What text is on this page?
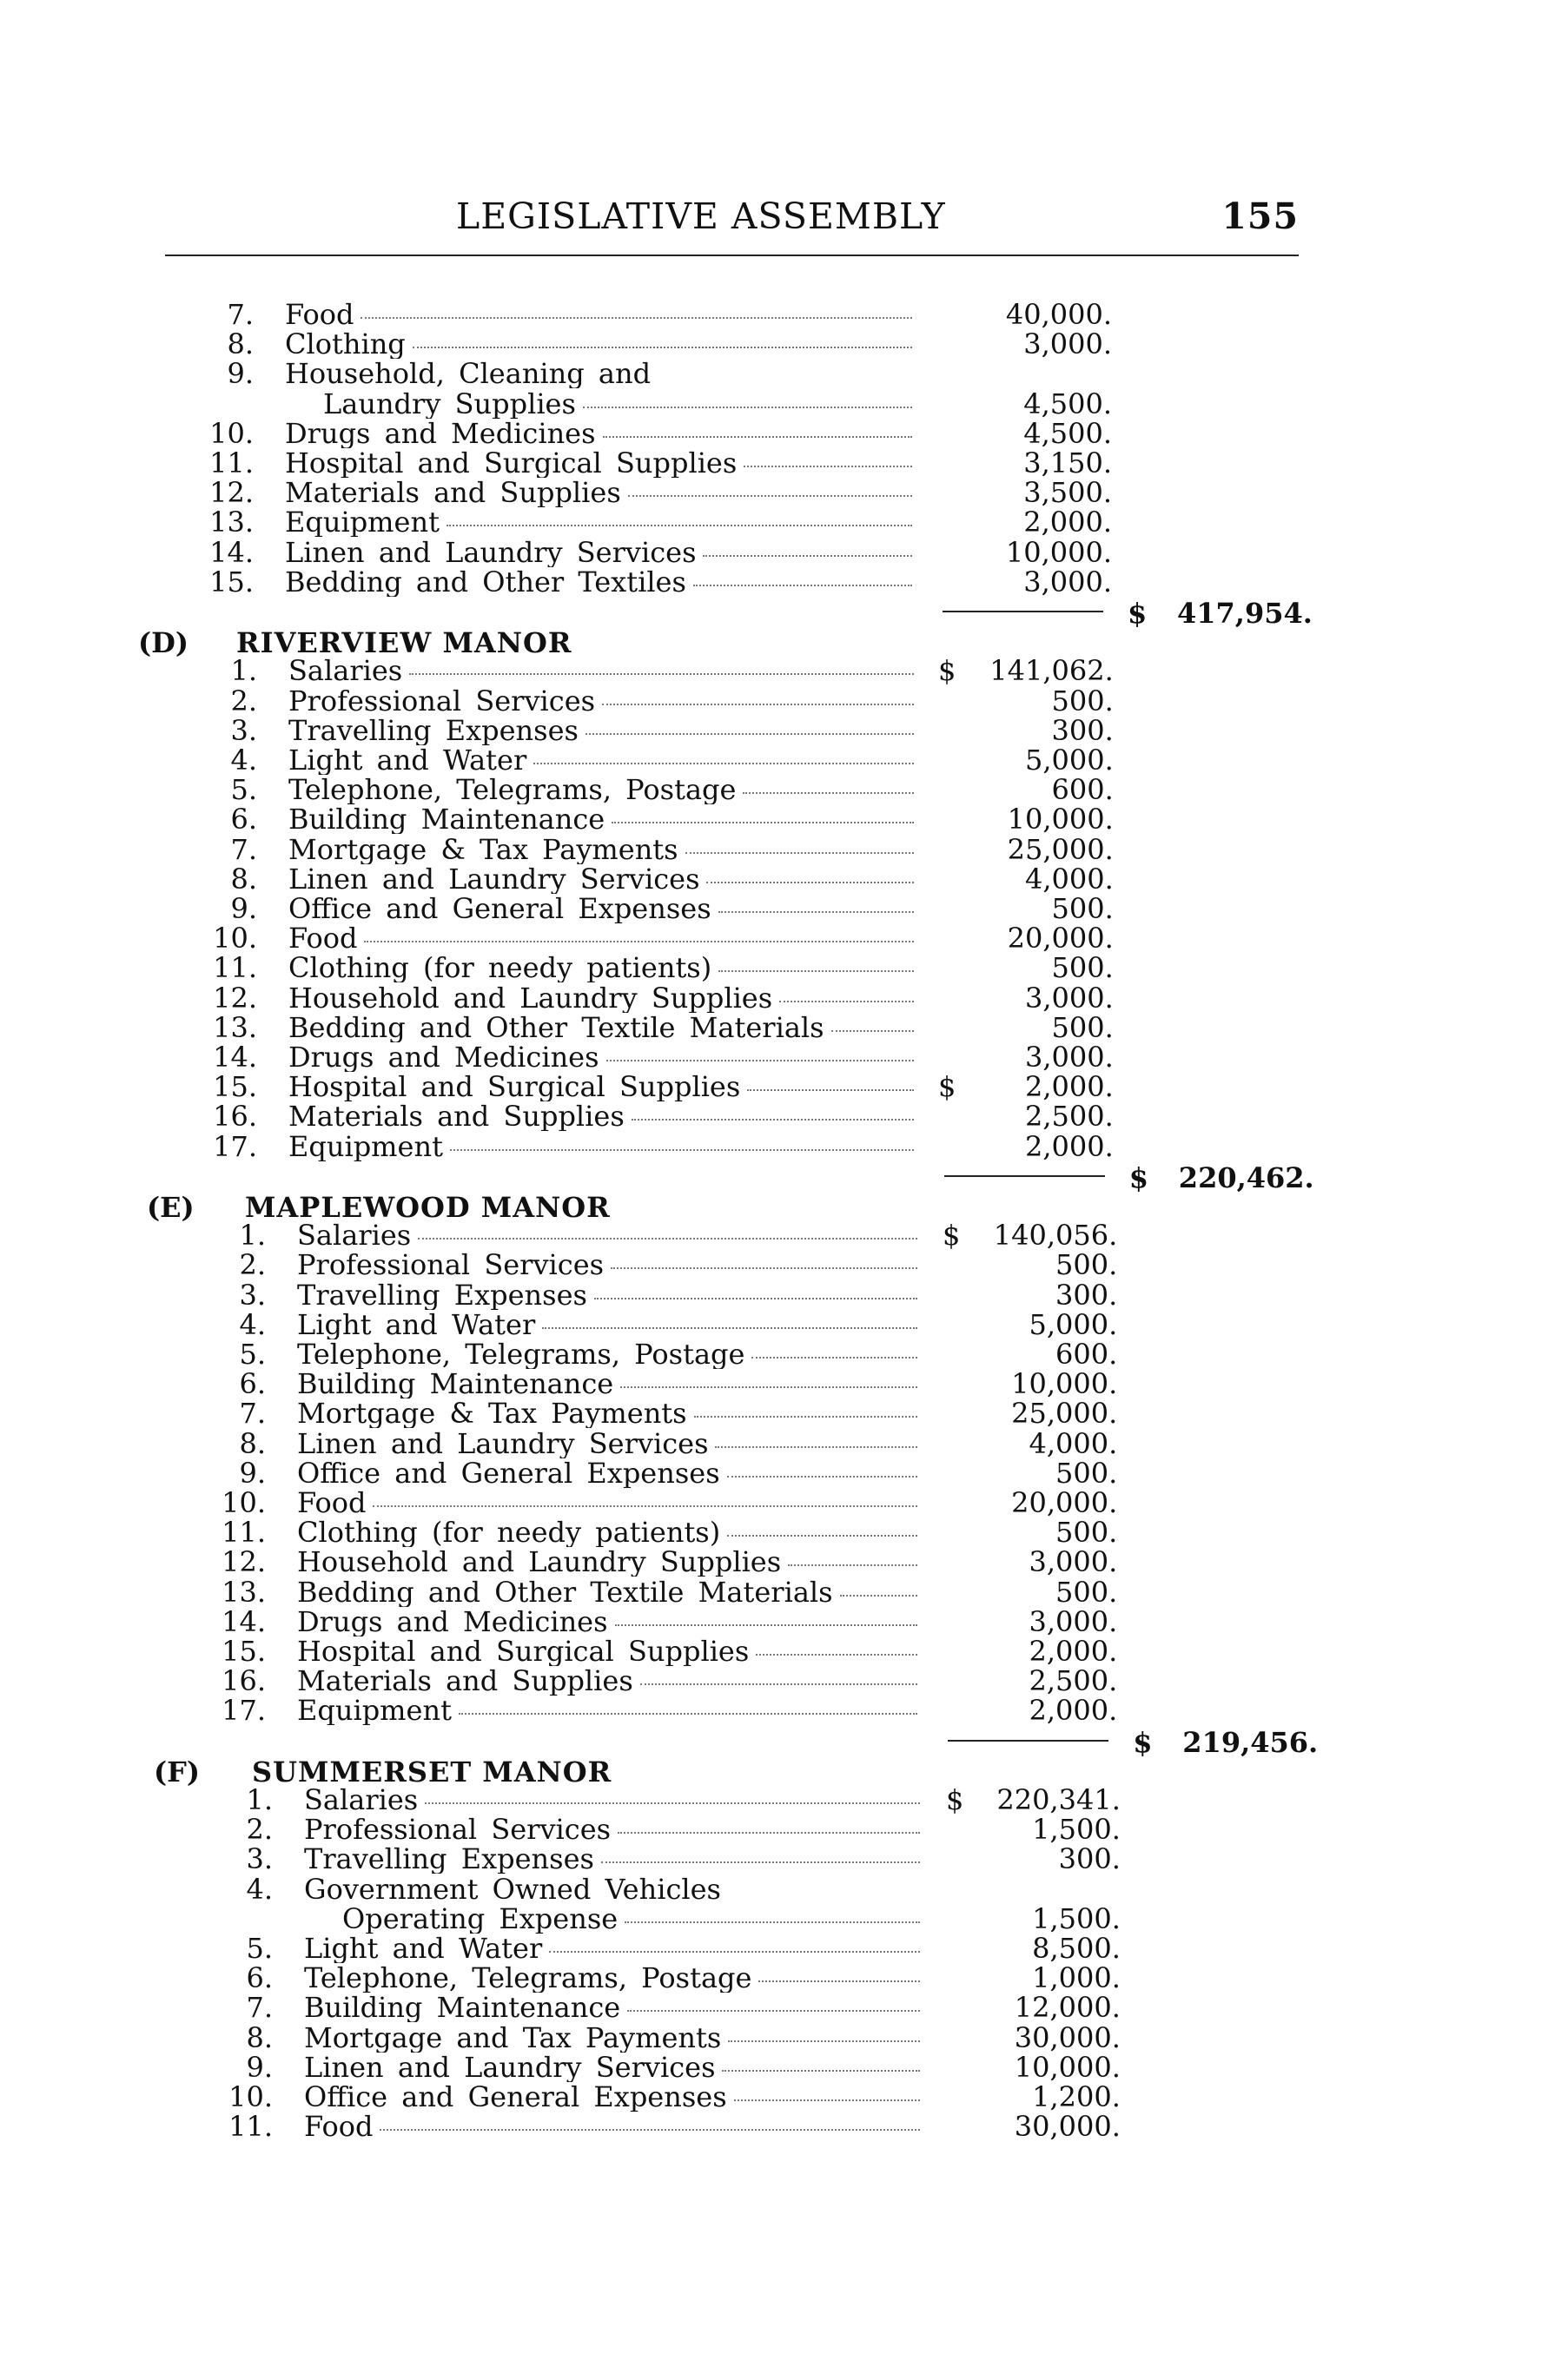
LEGISLATIVE ASSEMBLY	155
7. Food	40,000.
8. Clothing	3,000.
9. Household, Cleaning and
Laundry Supplies	4,500.
10. Drugs and Medicines	4,500.
11. Hospital and Surgical Supplies	3,150.
12. Materials and Supplies	3,500.
13. Equipment	2,000.
14. Linen and Laundry Services	10,000.
15. Bedding and Other Textiles	3,000.
$ 417,954.
(D) RIVERVIEW MANOR
1. Salaries	$	141,062.
2. Professional Services	500.
3. Travelling Expenses	300.
4. Light and Water	5,000.
5. Telephone, Telegrams, Postage	600.
6. Building Maintenance	10,000.
7. Mortgage & Tax Payments	25,000.
8. Linen and Laundry Services	4,000.
9. Office and General Expenses	500.
10. Food	20,000.
11. Clothing (for needy patients)	500.
12. Household and Laundry Supplies	3,000.
13. Bedding and Other Textile Materials	500.
14. Drugs and Medicines	3,000.
15. Hospital and Surgical Supplies	$	2,000.
16. Materials and Supplies	2,500.
17. Equipment	2,000.
$ 220,462.
(E) MAPLEWOOD MANOR
1. Salaries	$	140,056.
2. Professional Services	500.
3. Travelling Expenses	300.
4. Light and Water	5,000.
5. Telephone, Telegrams, Postage	600.
6. Building Maintenance	10,000.
7. Mortgage & Tax Payments	25,000.
8. Linen and Laundry Services	4,000.
9. Office and General Expenses	500.
10. Food	20,000.
11. Clothing (for needy patients)	500.
12. Household and Laundry Supplies	3,000.
13. Bedding and Other Textile Materials	500.
14. Drugs and Medicines	3,000.
15. Hospital and Surgical Supplies	2,000.
16. Materials and Supplies	2,500.
17. Equipment	2,000.
$ 219,456.
(F) SUMMERSET MANOR
1. Salaries	$	220,341.
2. Professional Services	1,500.
3. Travelling Expenses	300.
4. Government Owned Vehicles
Operating Expense	1,500.
5. Light and Water	8,500.
6. Telephone, Telegrams, Postage	1,000.
7. Building Maintenance	12,000.
8. Mortgage and Tax Payments	30,000.
9. Linen and Laundry Services	10,000.
10. Office and General Expenses	1,200.
11. Food	30,000.
